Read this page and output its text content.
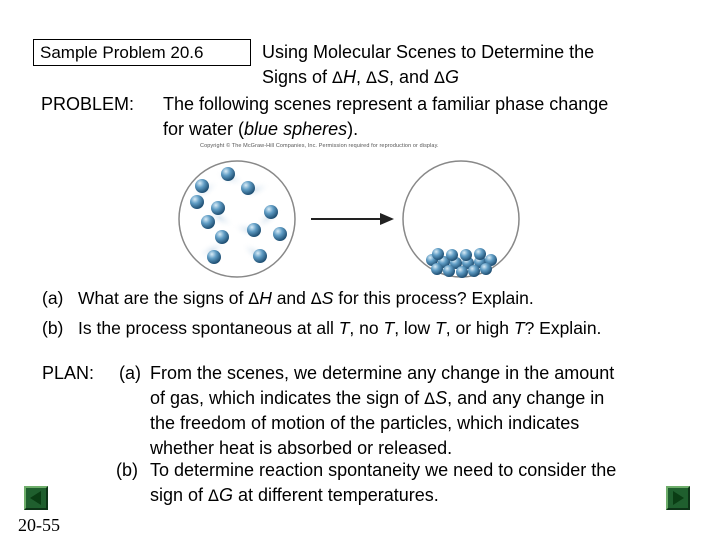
Sample Problem 20.6	Using Molecular Scenes to Determine the
Signs of ΔH, ΔS, and ΔG
PROBLEM: The following scenes represent a familiar phase change
for water (blue spheres).
Copyright © The McGraw-Hill Companies, Inc. Permission required for reproduction or display.
(a) What are the signs of ΔH and ΔS for this process? Explain.
(b) Is the process spontaneous at all T, no T, low T, or high T? Explain.
PLAN: (a) From the scenes, we determine any change in the amount
of gas, which indicates the sign of ΔS, and any change in
the freedom of motion of the particles, which indicates
whether heat is absorbed or released.
(b) To determine reaction spontaneity we need to consider the
sign of ΔG at different temperatures.
20-55
